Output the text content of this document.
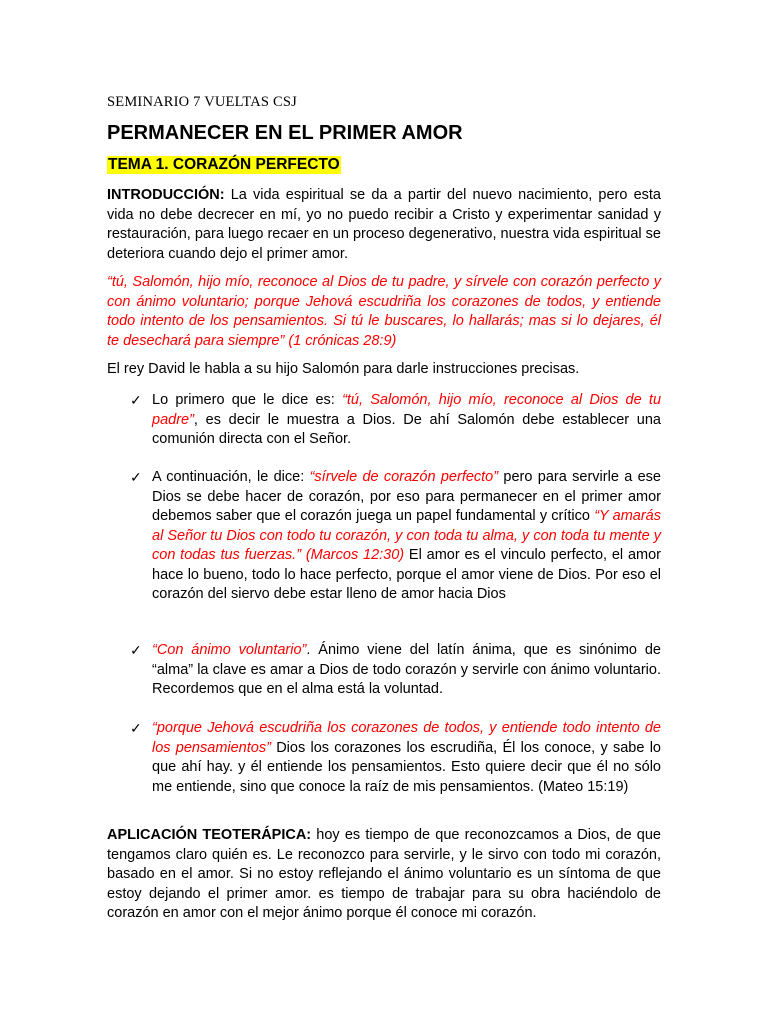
SEMINARIO 7 VUELTAS CSJ
PERMANECER EN EL PRIMER AMOR
TEMA 1. CORAZÓN PERFECTO

INTRODUCCIÓN: La vida espiritual se da a partir del nuevo nacimiento, pero esta vida no debe decrecer en mí, yo no puedo recibir a Cristo y experimentar sanidad y restauración, para luego recaer en un proceso degenerativo, nuestra vida espiritual se deteriora cuando dejo el primer amor.

“tú, Salomón, hijo mío, reconoce al Dios de tu padre, y sírvele con corazón perfecto y con ánimo voluntario; porque Jehová escudriña los corazones de todos, y entiende todo intento de los pensamientos. Si tú le buscares, lo hallarás; mas si lo dejares, él te desechará para siempre” (1 crónicas 28:9)

El rey David le habla a su hijo Salomón para darle instrucciones precisas.

✓ Lo primero que le dice es: “tú, Salomón, hijo mío, reconoce al Dios de tu padre”, es decir le muestra a Dios. De ahí Salomón debe establecer una comunión directa con el Señor.
✓ A continuación, le dice: “sírvele de corazón perfecto” pero para servirle a ese Dios se debe hacer de corazón, por eso para permanecer en el primer amor debemos saber que el corazón juega un papel fundamental y crítico “Y amarás al Señor tu Dios con todo tu corazón, y con toda tu alma, y con toda tu mente y con todas tus fuerzas.” (Marcos 12:30) El amor es el vinculo perfecto, el amor hace lo bueno, todo lo hace perfecto, porque el amor viene de Dios. Por eso el corazón del siervo debe estar lleno de amor hacia Dios
✓ “Con ánimo voluntario”. Ánimo viene del latín ánima, que es sinónimo de “alma” la clave es amar a Dios de todo corazón y servirle con ánimo voluntario. Recordemos que en el alma está la voluntad.
✓ “porque Jehová escudriña los corazones de todos, y entiende todo intento de los pensamientos” Dios los corazones los escrudiña, Él los conoce, y sabe lo que ahí hay. y él entiende los pensamientos. Esto quiere decir que él no sólo me entiende, sino que conoce la raíz de mis pensamientos. (Mateo 15:19)

APLICACIÓN TEOTERÁPICA: hoy es tiempo de que reconozcamos a Dios, de que tengamos claro quién es. Le reconozco para servirle, y le sirvo con todo mi corazón, basado en el amor. Si no estoy reflejando el ánimo voluntario es un síntoma de que estoy dejando el primer amor. es tiempo de trabajar para su obra haciéndolo de corazón en amor con el mejor ánimo porque él conoce mi corazón.
